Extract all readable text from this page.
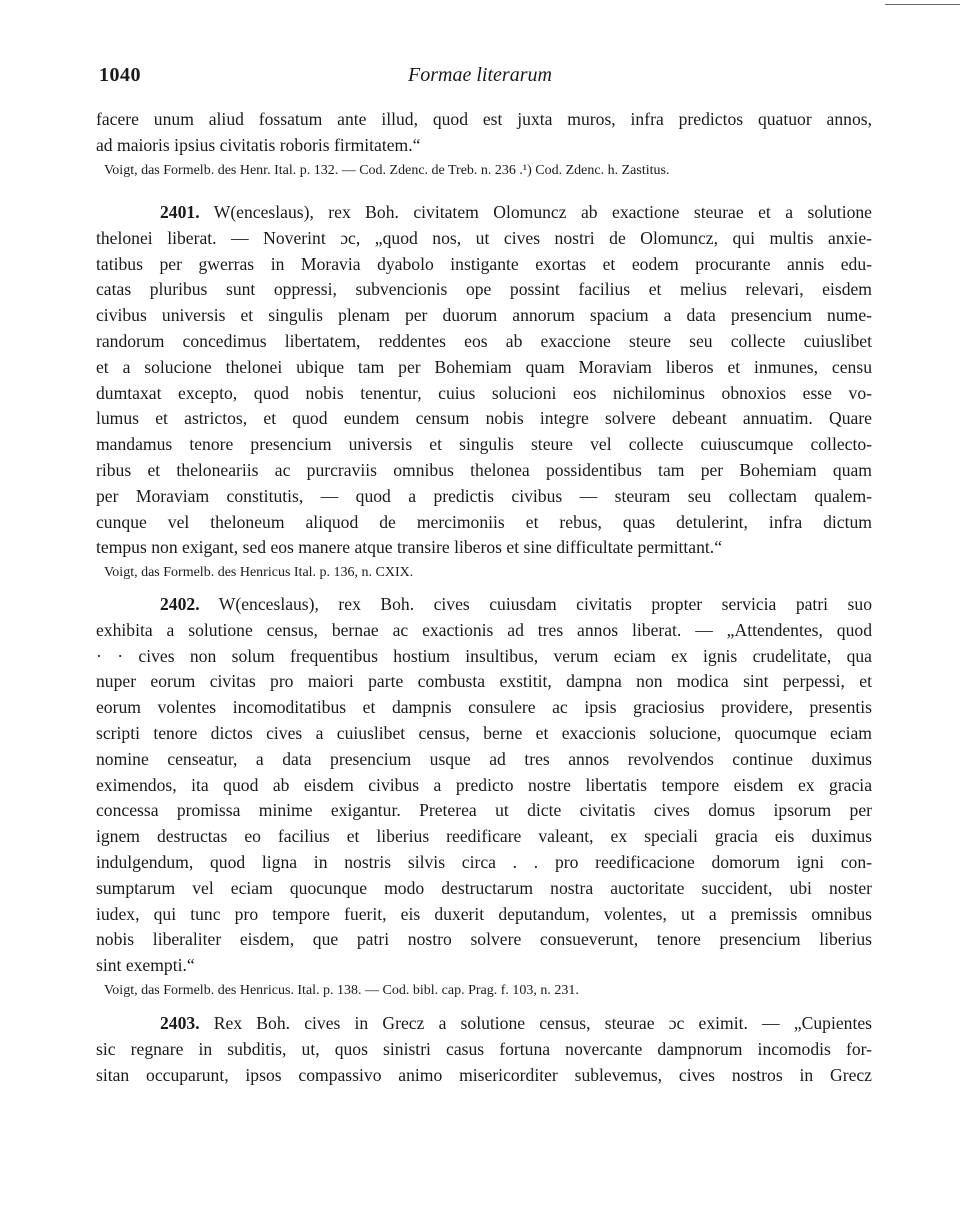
1040	Formae literarum
facere unum aliud fossatum ante illud, quod est juxta muros, infra predictos quatuor annos,
ad maioris ipsius civitatis roboris firmitatem.“
Voigt, das Formelb. des Henr. Ital. p. 132. — Cod. Zdenc. de Treb. n. 236 .¹) Cod. Zdenc. h. Zastitus.
2401. W(enceslaus), rex Boh. civitatem Olomuncz ab exactione steurae et a solutione
thelonei liberat. — Noverint ɔc, „quod nos, ut cives nostri de Olomuncz, qui multis anxie-
tatibus per gwerras in Moravia dyabolo instigante exortas et eodem procurante annis edu-
catas pluribus sunt oppressi, subvencionis ope possint facilius et melius relevari, eisdem
civibus universis et singulis plenam per duorum annorum spacium a data presencium nume-
randorum concedimus libertatem, reddentes eos ab exaccione steure seu collecte cuiuslibet
et a solucione thelonei ubique tam per Bohemiam quam Moraviam liberos et inmunes, censu
dumtaxat excepto, quod nobis tenentur, cuius solucioni eos nichilominus obnoxios esse vo-
lumus et astrictos, et quod eundem censum nobis integre solvere debeant annuatim. Quare
mandamus tenore presencium universis et singulis steure vel collecte cuiuscumque collecto-
ribus et theloneariis ac purcraviis omnibus thelonea possidentibus tam per Bohemiam quam
per Moraviam constitutis, — quod a predictis civibus — steuram seu collectam qualem-
cunque vel theloneum aliquod de mercimoniis et rebus, quas detulerint, infra dictum
tempus non exigant, sed eos manere atque transire liberos et sine difficultate permittant.“
Voigt, das Formelb. des Henricus Ital. p. 136, n. CXIX.
2402. W(enceslaus), rex Boh. cives cuiusdam civitatis propter servicia patri suo
exhibita a solutione census, bernae ac exactionis ad tres annos liberat. — „Attendentes, quod
· · cives non solum frequentibus hostium insultibus, verum eciam ex ignis crudelitate, qua
nuper eorum civitas pro maiori parte combusta exstitit, dampna non modica sint perpessi, et
eorum volentes incomoditatibus et dampnis consulere ac ipsis graciosius providere, presentis
scripti tenore dictos cives a cuiuslibet census, berne et exaccionis solucione, quocumque eciam
nomine censeatur, a data presencium usque ad tres annos revolvendos continue duximus
eximendos, ita quod ab eisdem civibus a predicto nostre libertatis tempore eisdem ex gracia
concessa promissa minime exigantur. Preterea ut dicte civitatis cives domus ipsorum per
ignem destructas eo facilius et liberius reedificare valeant, ex speciali gracia eis duximus
indulgendum, quod ligna in nostris silvis circa . . pro reedificacione domorum igni con-
sumptarum vel eciam quocunque modo destructarum nostra auctoritate succident, ubi noster
iudex, qui tunc pro tempore fuerit, eis duxerit deputandum, volentes, ut a premissis omnibus
nobis liberaliter eisdem, que patri nostro solvere consueverunt, tenore presencium liberius
sint exempti.“
Voigt, das Formelb. des Henricus. Ital. p. 138. — Cod. bibl. cap. Prag. f. 103, n. 231.
2403. Rex Boh. cives in Grecz a solutione census, steurae ɔc eximit. — „Cupientes
sic regnare in subditis, ut, quos sinistri casus fortuna novercante dampnorum incomodis for-
sitan occuparunt, ipsos compassivo animo misericorditer sublevemus, cives nostros in Grecz
